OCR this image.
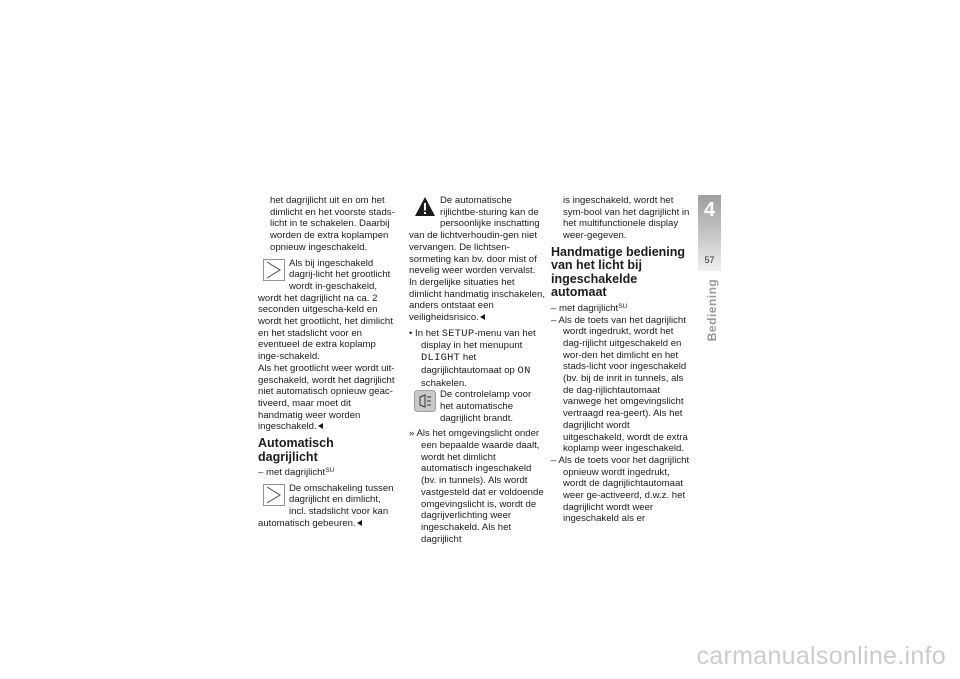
het dagrijlicht uit en om het dimlicht en het voorste stads-licht in te schakelen. Daarbij worden de extra koplampen opnieuw ingeschakeld.

Als bij ingeschakeld dagrij-licht het grootlicht wordt in-geschakeld, wordt het dagrijlicht na ca. 2 seconden uitgescha-keld en wordt het grootlicht, het dimlicht en het stadslicht voor en eventueel de extra koplamp inge-schakeld.

Als het grootlicht weer wordt uit-geschakeld, wordt het dagrijlicht niet automatisch opnieuw geac-tiveerd, maar moet dit handmatig weer worden ingeschakeld.

Automatisch dagrijlicht

– met dagrijlicht$^{SU}$

De omschakeling tussen dagrijlicht en dimlicht, incl. stadslicht voor kan automatisch gebeuren.

De automatische rijlichtbe-sturing kan de persoonlijke inschatting van de lichtverhoudin-gen niet vervangen. De lichtsen-sormeting kan bv. door mist of nevelig weer worden vervalst.

In dergelijke situaties het dimlicht handmatig inschakelen, anders ontstaat een veiligheidsrisico.

• In het SETUP-menu van het display in het menupunt DLIGHT het dagrijlichtautomaat op ON schakelen.

De controlelamp voor het automatische dagrijlicht brandt.

» Als het omgevingslicht onder een bepaalde waarde daalt, wordt het dimlicht automatisch ingeschakeld (bv. in tunnels). Als wordt vastgesteld dat er voldoende omgevingslicht is, wordt de dagrijverlichting weer ingeschakeld. Als het dagrijlicht

is ingeschakeld, wordt het sym-bool van het dagrijlicht in het multifunctionele display weer-gegeven.

Handmatige bediening van het licht bij ingeschakelde automaat

– met dagrijlicht$^{SU}$

– Als de toets van het dagrijlicht wordt ingedrukt, wordt het dag-rijlicht uitgeschakeld en wor-den het dimlicht en het stads-licht voor ingeschakeld (bv. bij de inrit in tunnels, als de dag-rijlichtautomaat vanwege het omgevingslicht vertraagd rea-geert). Als het dagrijlicht wordt uitgeschakeld, wordt de extra koplamp weer ingeschakeld.

– Als de toets voor het dagrijlicht opnieuw wordt ingedrukt, wordt de dagrijlichtautomaat weer ge-activeerd, d.w.z. het dagrijlicht wordt weer ingeschakeld als er

4
57
Bediening
carmanualsonline.info
